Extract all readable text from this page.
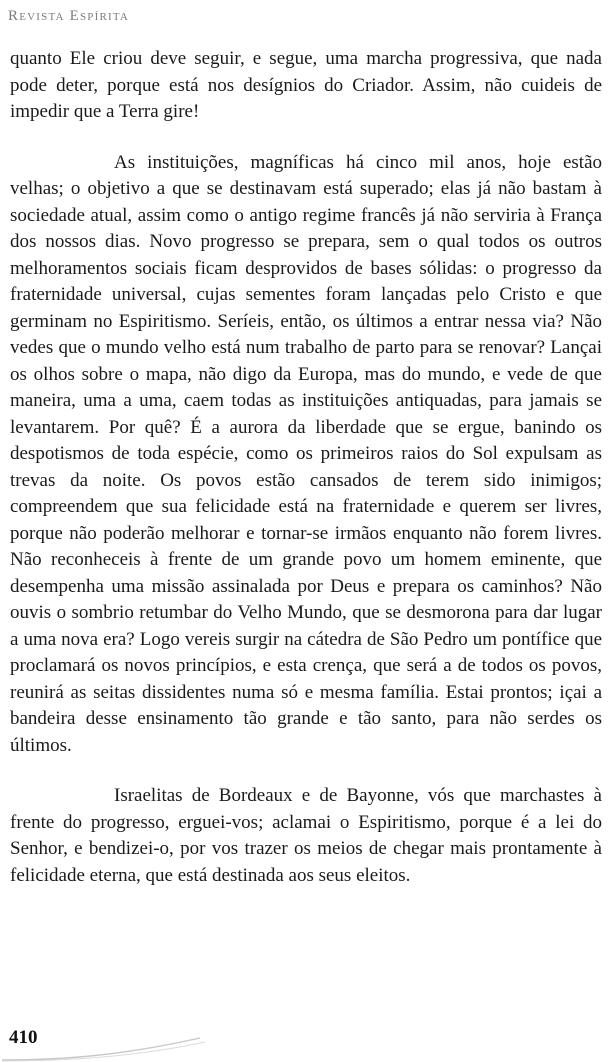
Revista Espírita

quanto Ele criou deve seguir, e segue, uma marcha progressiva, que nada pode deter, porque está nos desígnios do Criador. Assim, não cuideis de impedir que a Terra gire!

As instituições, magníficas há cinco mil anos, hoje estão velhas; o objetivo a que se destinavam está superado; elas já não bastam à sociedade atual, assim como o antigo regime francês já não serviria à França dos nossos dias. Novo progresso se prepara, sem o qual todos os outros melhoramentos sociais ficam desprovidos de bases sólidas: o progresso da fraternidade universal, cujas sementes foram lançadas pelo Cristo e que germinam no Espiritismo. Seríeis, então, os últimos a entrar nessa via? Não vedes que o mundo velho está num trabalho de parto para se renovar? Lançai os olhos sobre o mapa, não digo da Europa, mas do mundo, e vede de que maneira, uma a uma, caem todas as instituições antiquadas, para jamais se levantarem. Por quê? É a aurora da liberdade que se ergue, banindo os despotismos de toda espécie, como os primeiros raios do Sol expulsam as trevas da noite. Os povos estão cansados de terem sido inimigos; compreendem que sua felicidade está na fraternidade e querem ser livres, porque não poderão melhorar e tornar-se irmãos enquanto não forem livres. Não reconheceis à frente de um grande povo um homem eminente, que desempenha uma missão assinalada por Deus e prepara os caminhos? Não ouvis o sombrio retumbar do Velho Mundo, que se desmorona para dar lugar a uma nova era? Logo vereis surgir na cátedra de São Pedro um pontífice que proclamará os novos princípios, e esta crença, que será a de todos os povos, reunirá as seitas dissidentes numa só e mesma família. Estai prontos; içai a bandeira desse ensinamento tão grande e tão santo, para não serdes os últimos.

Israelitas de Bordeaux e de Bayonne, vós que marchastes à frente do progresso, erguei-vos; aclamai o Espiritismo, porque é a lei do Senhor, e bendizei-o, por vos trazer os meios de chegar mais prontamente à felicidade eterna, que está destinada aos seus eleitos.

410
